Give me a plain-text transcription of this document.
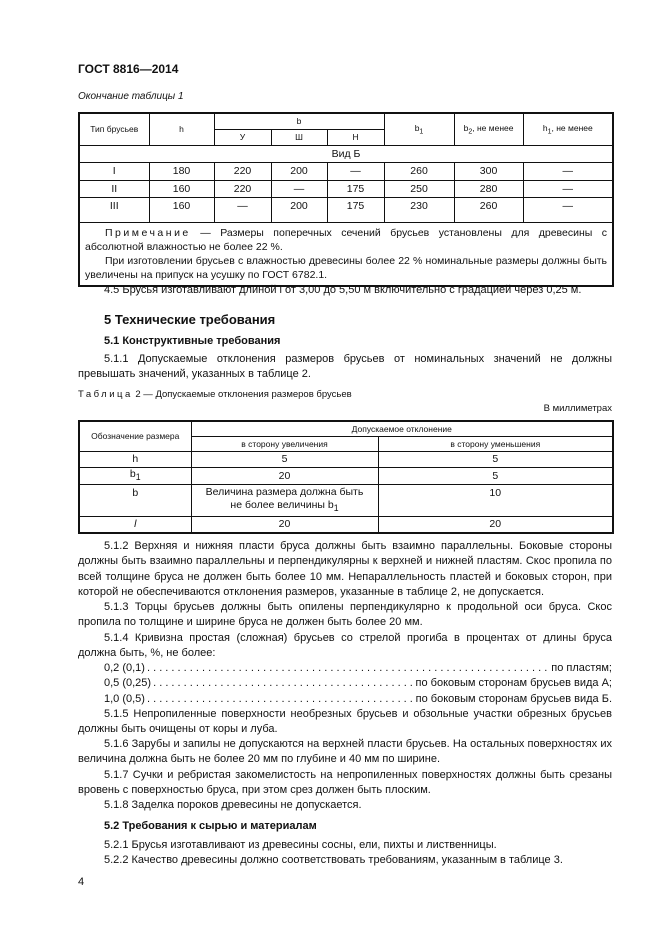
ГОСТ 8816—2014
Окончание таблицы 1
Тип брусьев	h	b			$b_1$	$b_2$, не менее	$h_1$, не менее
		У	Ш	Н			
Вид Б							
I	180	220	200	—	260	300	—
II	160	220	—	175	250	280	—
III	160	—	200	175	230	260	—

Примечание — Размеры поперечных сечений брусьев установлены для древесины с абсолютной влажностью не более 22 %.
При изготовлении брусьев с влажностью древесины более 22 % номинальные размеры должны быть увеличены на припуск на усушку по ГОСТ 6782.1.							
4.5 Брусья изготавливают длиной l от 3,00 до 5,50 м включительно с градацией через 0,25 м.
5 Технические требования
5.1 Конструктивные требования
5.1.1 Допускаемые отклонения размеров брусьев от номинальных значений не должны превышать значений, указанных в таблице 2.
Таблица 2 — Допускаемые отклонения размеров брусьев
В миллиметрах
Обозначение размера	Допускаемое отклонение	
	в сторону увеличения	в сторону уменьшения
h	5	5
$b_1$	20	5
b	Величина размера должна быть не более величины $b_1$	10
l	20	20
5.1.2 Верхняя и нижняя пласти бруса должны быть взаимно параллельны. Боковые стороны должны быть взаимно параллельны и перпендикулярны к верхней и нижней пластям. Скос пропила по всей толщине бруса не должен быть более 10 мм. Непараллельность пластей и боковых сторон, при которой не обеспечиваются отклонения размеров, указанные в таблице 2, не допускается.
5.1.3 Торцы брусьев должны быть опилены перпендикулярно к продольной оси бруса. Скос пропила по толщине и ширине бруса не должен быть более 20 мм.
5.1.4 Кривизна простая (сложная) брусьев со стрелой прогиба в процентах от длины бруса должна быть, %, не более:
0,2 (0,1) . . .	по пластям;
0,5 (0,25) . . .	по боковым сторонам брусьев вида А;
1,0 (0,5) . . .	по боковым сторонам брусьев вида Б.
5.1.5 Непропиленные поверхности необрезных брусьев и обзольные участки обрезных брусьев должны быть очищены от коры и луба.
5.1.6 Зарубы и запилы не допускаются на верхней пласти брусьев. На остальных поверхностях их величина должна быть не более 20 мм по глубине и 40 мм по ширине.
5.1.7 Сучки и ребристая закомелистость на непропиленных поверхностях должны быть срезаны вровень с поверхностью бруса, при этом срез должен быть плоским.
5.1.8 Заделка пороков древесины не допускается.
5.2 Требования к сырью и материалам
5.2.1 Брусья изготавливают из древесины сосны, ели, пихты и лиственницы.
5.2.2 Качество древесины должно соответствовать требованиям, указанным в таблице 3.
4
